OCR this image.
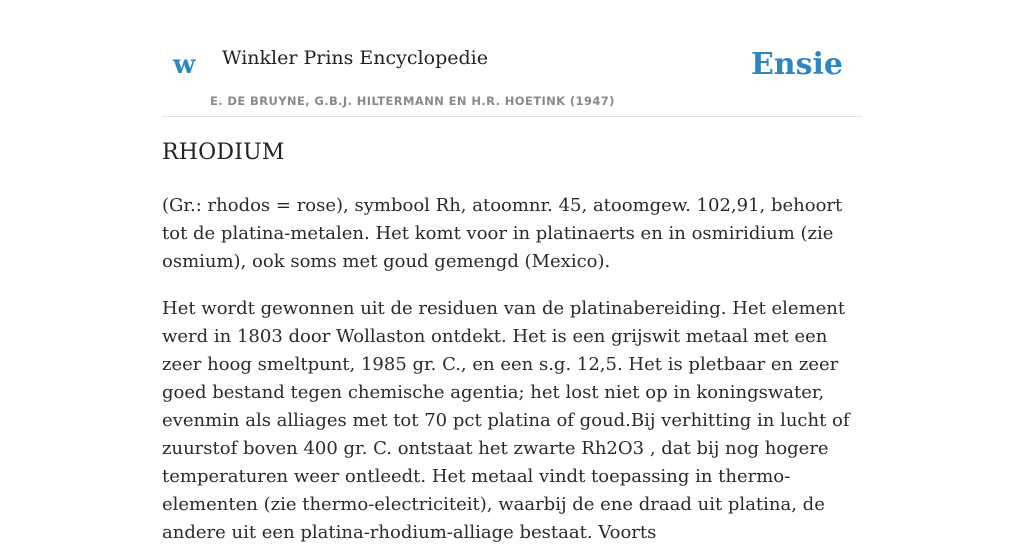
w Winkler Prins Encyclopedie
E. DE BRUYNE, G.B.J. HILTERMANN EN H.R. HOETINK (1947)
Ensie
RHODIUM

(Gr.: rhodos = rose), symbool Rh, atoomnr. 45, atoomgew. 102,91, behoort tot de platina-metalen. Het komt voor in platinaerts en in osmiridium (zie osmium), ook soms met goud gemengd (Mexico).

Het wordt gewonnen uit de residuen van de platinabereiding. Het element werd in 1803 door Wollaston ontdekt. Het is een grijswit metaal met een zeer hoog smeltpunt, 1985 gr. C., en een s.g. 12,5. Het is pletbaar en zeer goed bestand tegen chemische agentia; het lost niet op in koningswater, evenmin als alliages met tot 70 pct platina of goud.Bij verhitting in lucht of zuurstof boven 400 gr. C. ontstaat het zwarte Rh2O3 , dat bij nog hogere temperaturen weer ontleedt. Het metaal vindt toepassing in thermo-elementen (zie thermo-electriciteit), waarbij de ene draad uit platina, de andere uit een platina-rhodium-alliage bestaat. Voorts
